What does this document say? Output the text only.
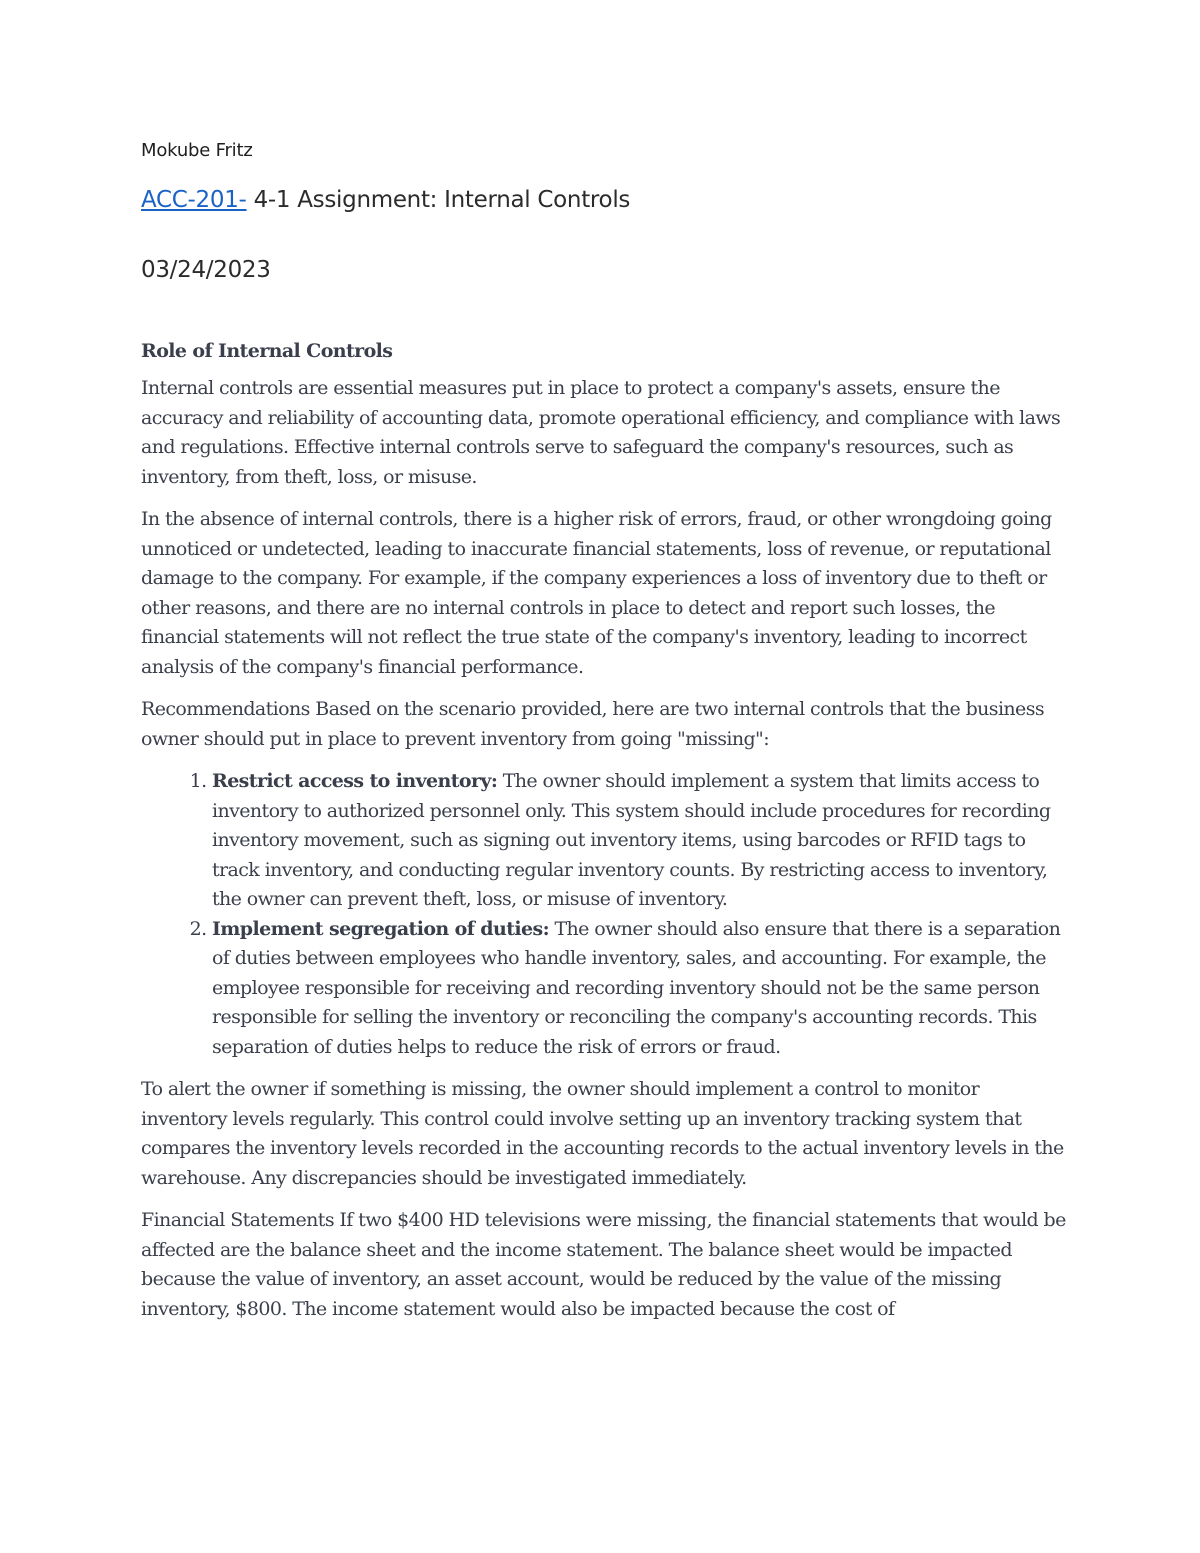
Mokube Fritz

ACC-201- 4-1 Assignment: Internal Controls

03/24/2023

Role of Internal Controls

Internal controls are essential measures put in place to protect a company's assets, ensure the accuracy and reliability of accounting data, promote operational efficiency, and compliance with laws and regulations. Effective internal controls serve to safeguard the company's resources, such as inventory, from theft, loss, or misuse.

In the absence of internal controls, there is a higher risk of errors, fraud, or other wrongdoing going unnoticed or undetected, leading to inaccurate financial statements, loss of revenue, or reputational damage to the company. For example, if the company experiences a loss of inventory due to theft or other reasons, and there are no internal controls in place to detect and report such losses, the financial statements will not reflect the true state of the company's inventory, leading to incorrect analysis of the company's financial performance.

Recommendations Based on the scenario provided, here are two internal controls that the business owner should put in place to prevent inventory from going "missing":

1. Restrict access to inventory: The owner should implement a system that limits access to inventory to authorized personnel only. This system should include procedures for recording inventory movement, such as signing out inventory items, using barcodes or RFID tags to track inventory, and conducting regular inventory counts. By restricting access to inventory, the owner can prevent theft, loss, or misuse of inventory.
2. Implement segregation of duties: The owner should also ensure that there is a separation of duties between employees who handle inventory, sales, and accounting. For example, the employee responsible for receiving and recording inventory should not be the same person responsible for selling the inventory or reconciling the company's accounting records. This separation of duties helps to reduce the risk of errors or fraud.

To alert the owner if something is missing, the owner should implement a control to monitor inventory levels regularly. This control could involve setting up an inventory tracking system that compares the inventory levels recorded in the accounting records to the actual inventory levels in the warehouse. Any discrepancies should be investigated immediately.

Financial Statements If two $400 HD televisions were missing, the financial statements that would be affected are the balance sheet and the income statement. The balance sheet would be impacted because the value of inventory, an asset account, would be reduced by the value of the missing inventory, $800. The income statement would also be impacted because the cost of
